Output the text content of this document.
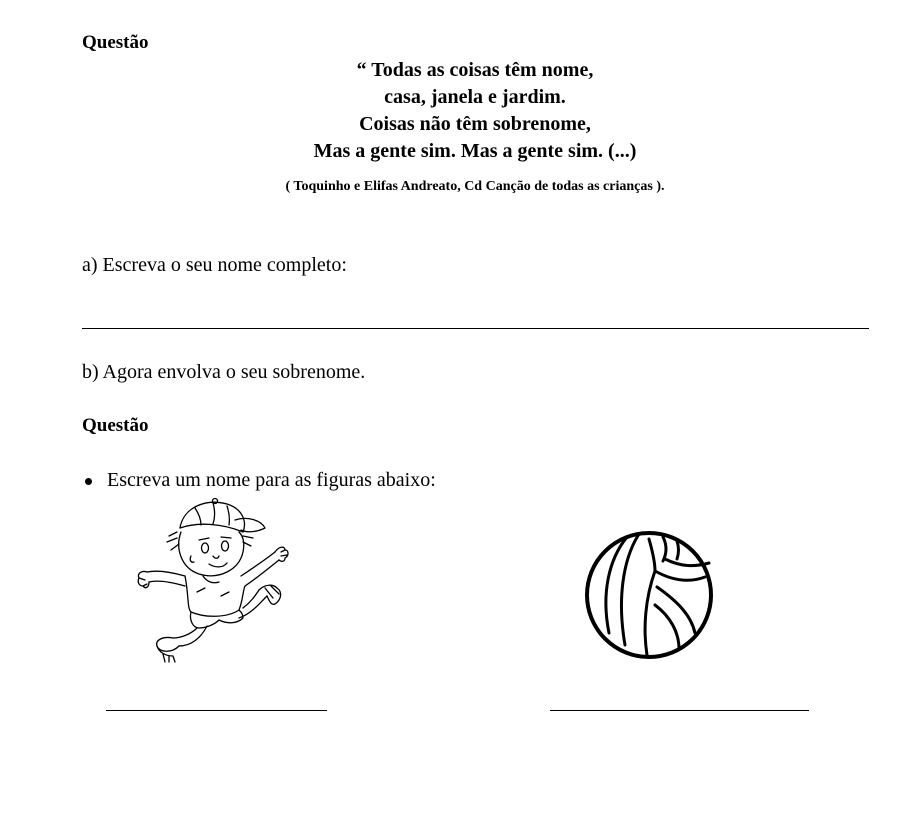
Questão
“ Todas as coisas têm nome,
casa, janela e jardim.
Coisas não têm sobrenome,
Mas a gente sim. Mas a gente sim. (...)
( Toquinho e Elifas Andreato, Cd Canção de todas as crianças ).
a) Escreva o seu nome completo:
b) Agora envolva o seu sobrenome.
Questão
Escreva um nome para as figuras abaixo:
